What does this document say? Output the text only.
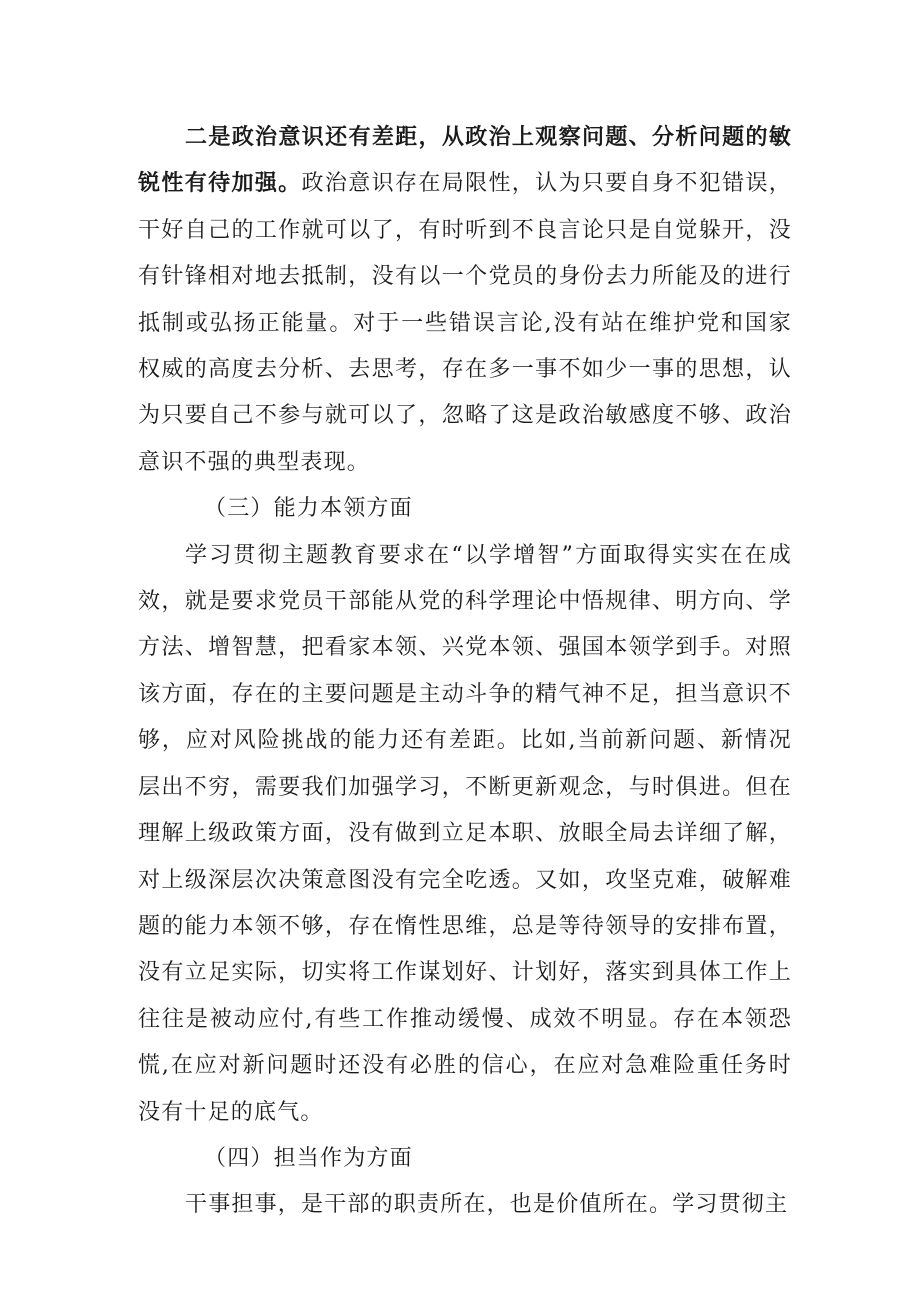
二是政治意识还有差距，从政治上观察问题、分析问题的敏锐性有待加强。政治意识存在局限性，认为只要自身不犯错误，干好自己的工作就可以了，有时听到不良言论只是自觉躲开，没有针锋相对地去抵制，没有以一个党员的身份去力所能及的进行抵制或弘扬正能量。对于一些错误言论,没有站在维护党和国家权威的高度去分析、去思考，存在多一事不如少一事的思想，认为只要自己不参与就可以了，忽略了这是政治敏感度不够、政治意识不强的典型表现。

（三）能力本领方面

学习贯彻主题教育要求在“以学增智”方面取得实实在在成效，就是要求党员干部能从党的科学理论中悟规律、明方向、学方法、增智慧，把看家本领、兴党本领、强国本领学到手。对照该方面，存在的主要问题是主动斗争的精气神不足，担当意识不够，应对风险挑战的能力还有差距。比如,当前新问题、新情况层出不穷，需要我们加强学习，不断更新观念，与时俱进。但在理解上级政策方面，没有做到立足本职、放眼全局去详细了解，对上级深层次决策意图没有完全吃透。又如，攻坚克难，破解难题的能力本领不够，存在惰性思维，总是等待领导的安排布置，没有立足实际，切实将工作谋划好、计划好，落实到具体工作上往往是被动应付,有些工作推动缓慢、成效不明显。存在本领恐慌,在应对新问题时还没有必胜的信心，在应对急难险重任务时没有十足的底气。

（四）担当作为方面

干事担事，是干部的职责所在，也是价值所在。学习贯彻主
